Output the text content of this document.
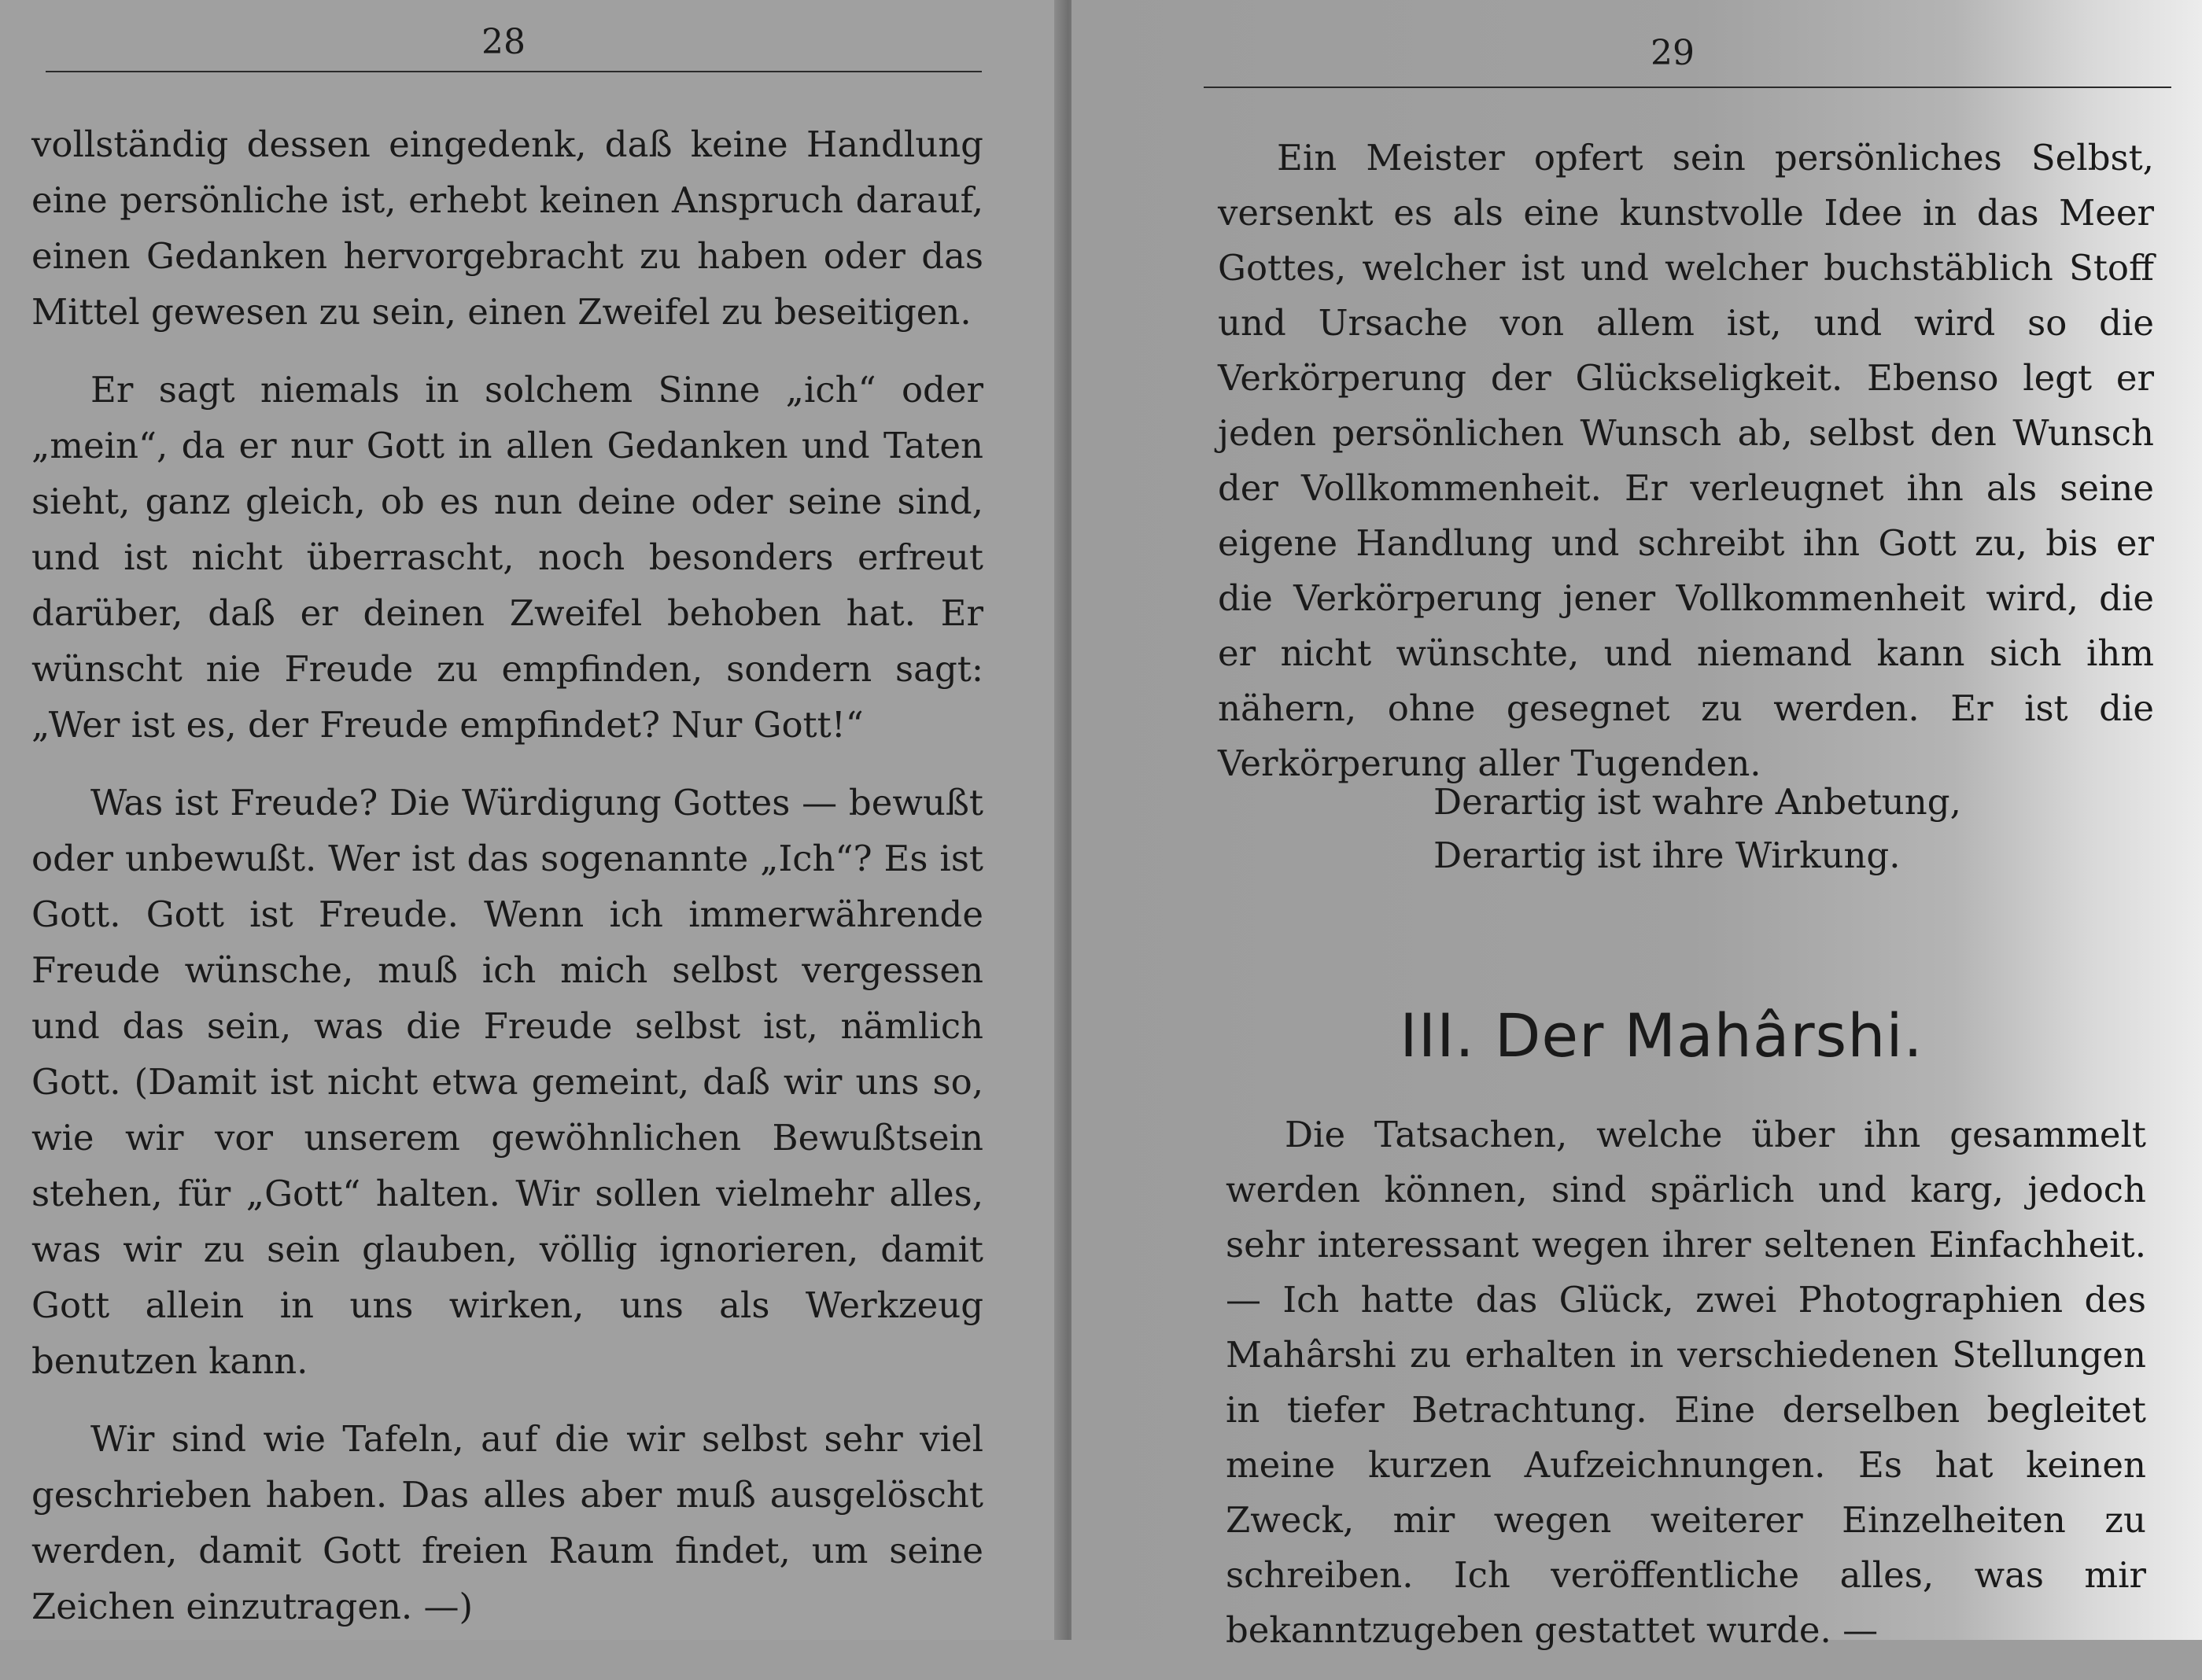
28

vollständig dessen eingedenk, daß keine Handlung eine persönliche ist, erhebt keinen Anspruch darauf, einen Gedanken hervorgebracht zu haben oder das Mittel gewesen zu sein, einen Zweifel zu beseitigen.

Er sagt niemals in solchem Sinne „ich“ oder „mein“, da er nur Gott in allen Gedanken und Taten sieht, ganz gleich, ob es nun deine oder seine sind, und ist nicht überrascht, noch besonders erfreut darüber, daß er deinen Zweifel behoben hat. Er wünscht nie Freude zu empfinden, sondern sagt: „Wer ist es, der Freude empfindet? Nur Gott!“

Was ist Freude? Die Würdigung Gottes — bewußt oder unbewußt. Wer ist das sogenannte „Ich“? Es ist Gott. Gott ist Freude. Wenn ich immerwährende Freude wünsche, muß ich mich selbst vergessen und das sein, was die Freude selbst ist, nämlich Gott. (Damit ist nicht etwa gemeint, daß wir uns so, wie wir vor unserem gewöhnlichen Bewußtsein stehen, für „Gott“ halten. Wir sollen vielmehr alles, was wir zu sein glauben, völlig ignorieren, damit Gott allein in uns wirken, uns als Werkzeug benutzen kann.

Wir sind wie Tafeln, auf die wir selbst sehr viel geschrieben haben. Das alles aber muß ausgelöscht werden, damit Gott freien Raum findet, um seine Zeichen einzutragen. —)

29

Ein Meister opfert sein persönliches Selbst, versenkt es als eine kunstvolle Idee in das Meer Gottes, welcher ist und welcher buchstäblich Stoff und Ursache von allem ist, und wird so die Verkörperung der Glückseligkeit. Ebenso legt er jeden persönlichen Wunsch ab, selbst den Wunsch der Vollkommenheit. Er verleugnet ihn als seine eigene Handlung und schreibt ihn Gott zu, bis er die Verkörperung jener Vollkommenheit wird, die er nicht wünschte, und niemand kann sich ihm nähern, ohne gesegnet zu werden. Er ist die Verkörperung aller Tugenden.

Derartig ist wahre Anbetung,
Derartig ist ihre Wirkung.
III. Der Mahârshi.

Die Tatsachen, welche über ihn gesammelt werden können, sind spärlich und karg, jedoch sehr interessant wegen ihrer seltenen Einfachheit. — Ich hatte das Glück, zwei Photographien des Mahârshi zu erhalten in verschiedenen Stellungen in tiefer Betrachtung. Eine derselben begleitet meine kurzen Aufzeichnungen. Es hat keinen Zweck, mir wegen weiterer Einzelheiten zu schreiben. Ich veröffentliche alles, was mir bekanntzugeben gestattet wurde. —
